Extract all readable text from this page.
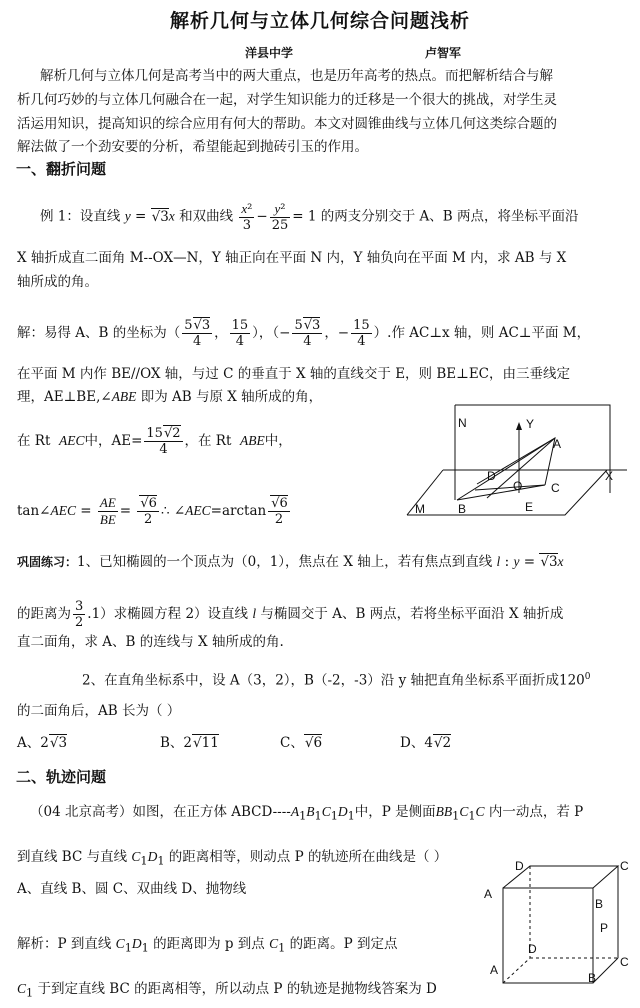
解析几何与立体几何综合问题浅析
洋县中学	卢智军
解析几何与立体几何是高考当中的两大重点，也是历年高考的热点。而把解析结合与解
析几何巧妙的与立体几何融合在一起，对学生知识能力的迁移是一个很大的挑战，对学生灵
活运用知识，提高知识的综合应用有何大的帮助。本文对圆锥曲线与立体几何这类综合题的
解法做了一个劲安要的分析，希望能起到抛砖引玉的作用。
一、翻折问题
例 1：设直线 y = √3x 和双曲线 $\frac{\text{x²}}{3} - \frac{\text{y²}}{25} = 1$ 的两支分别交于 A、B 两点，将坐标平面沿
X 轴折成直二面角 M--OX—N，Y 轴正向在平面 N 内，Y 轴负向在平面 M 内，求 AB 与 X
轴所成的角。
解：易得 A、B 的坐标为（ $\frac{5√3}{4}$ ， $\frac{15}{4}$ ），（− $\frac{5√3}{4}$ ，− $\frac{15}{4}$ ）.作 AC⊥x 轴，则 AC⊥平面 M，
在平面 M 内作 BE//OX 轴，与过 C 的垂直于 X 轴的直线交于 E，则 BE⊥EC，由三垂线定
理，AE⊥BE,∠ABE 即为 AB 与原 X 轴所成的角，
在 Rt AEC中，$AE= \frac{15√2}{4}$ ，在 Rt ABE中，
tan∠AEC = $\frac{AE}{BE} = \frac{√6}{2}$ ∴ ∠AEC=arctan $\frac{√6}{2}$
N	Y
A
D
O C
X
M	B	E
巩固练习：1、已知椭圆的一个顶点为（0，1），焦点在 X 轴上，若有焦点到直线 l : y = √3x
的距离为 $\frac{3}{2} .1$）求椭圆方程 2）设直线 l 与椭圆交于 A、B 两点，若将坐标平面沿 X 轴折成
直二面角，求 A、B 的连线与 X 轴所成的角.
2、在直角坐标系中，设 A（3，2），B（-2，-3）沿 y 轴把直角坐标系平面折成$120^0$
的二面角后，AB 长为（ ）
A、2√3	B、2√11	C、√6	D、4√2
二、轨迹问题
（04 北京高考）如图，在正方体 ABCD-$---A_1B_1C_1D_1$中，P 是侧面$BB_1C_1C$ 内一动点，若 P
到直线 BC 与直线 $C_1D_1$ 的距离相等，则动点 P 的轨迹所在曲线是（ ）
A、直线 B、圆 C、双曲线 D、抛物线
解析：P 到直线 $C_1D_1$ 的距离即为 p 到点 $C_1$ 的距离。P 到定点
$C_1$ 于到定直线 BC 的距离相等，所以动点 P 的轨迹是抛物线答案为 D
D	C
A
B
D
C
A
B
P
